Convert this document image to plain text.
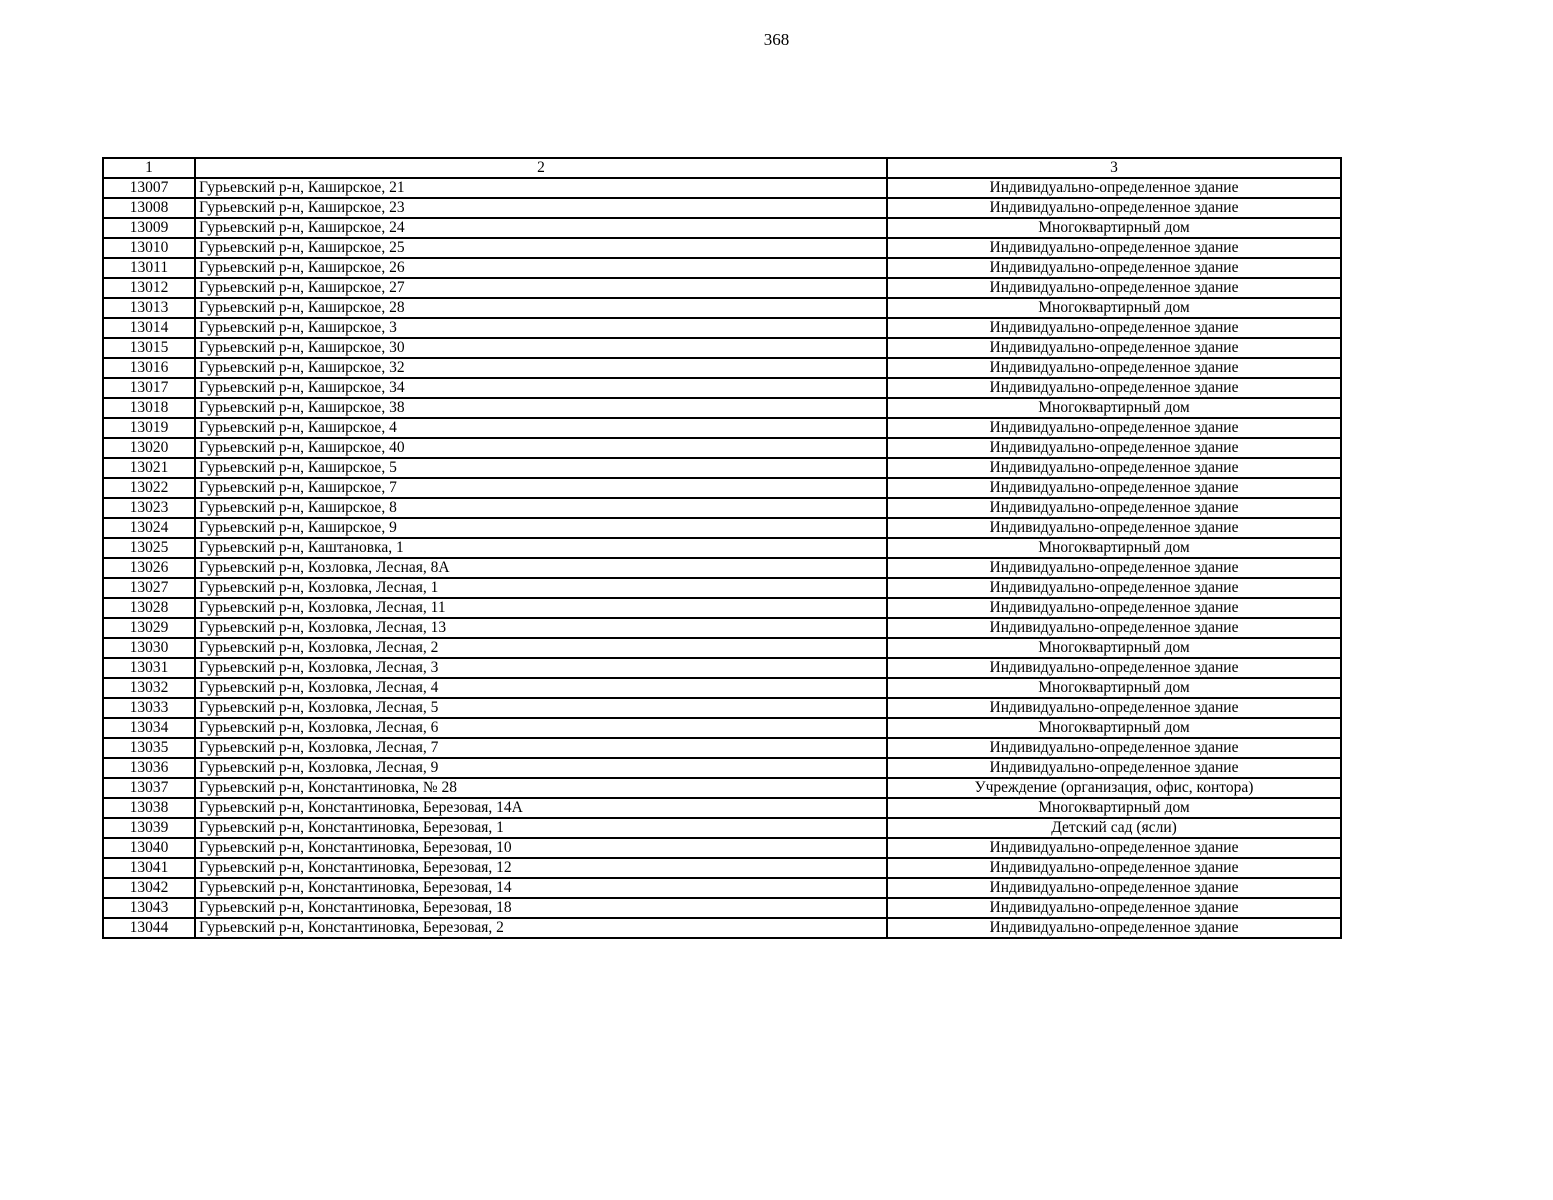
368
1	2	3
13007	Гурьевский р-н, Каширское, 21	Индивидуально-определенное здание
13008	Гурьевский р-н, Каширское, 23	Индивидуально-определенное здание
13009	Гурьевский р-н, Каширское, 24	Многоквартирный дом
13010	Гурьевский р-н, Каширское, 25	Индивидуально-определенное здание
13011	Гурьевский р-н, Каширское, 26	Индивидуально-определенное здание
13012	Гурьевский р-н, Каширское, 27	Индивидуально-определенное здание
13013	Гурьевский р-н, Каширское, 28	Многоквартирный дом
13014	Гурьевский р-н, Каширское, 3	Индивидуально-определенное здание
13015	Гурьевский р-н, Каширское, 30	Индивидуально-определенное здание
13016	Гурьевский р-н, Каширское, 32	Индивидуально-определенное здание
13017	Гурьевский р-н, Каширское, 34	Индивидуально-определенное здание
13018	Гурьевский р-н, Каширское, 38	Многоквартирный дом
13019	Гурьевский р-н, Каширское, 4	Индивидуально-определенное здание
13020	Гурьевский р-н, Каширское, 40	Индивидуально-определенное здание
13021	Гурьевский р-н, Каширское, 5	Индивидуально-определенное здание
13022	Гурьевский р-н, Каширское, 7	Индивидуально-определенное здание
13023	Гурьевский р-н, Каширское, 8	Индивидуально-определенное здание
13024	Гурьевский р-н, Каширское, 9	Индивидуально-определенное здание
13025	Гурьевский р-н, Каштановка, 1	Многоквартирный дом
13026	Гурьевский р-н, Козловка, Лесная, 8А	Индивидуально-определенное здание
13027	Гурьевский р-н, Козловка, Лесная, 1	Индивидуально-определенное здание
13028	Гурьевский р-н, Козловка, Лесная, 11	Индивидуально-определенное здание
13029	Гурьевский р-н, Козловка, Лесная, 13	Индивидуально-определенное здание
13030	Гурьевский р-н, Козловка, Лесная, 2	Многоквартирный дом
13031	Гурьевский р-н, Козловка, Лесная, 3	Индивидуально-определенное здание
13032	Гурьевский р-н, Козловка, Лесная, 4	Многоквартирный дом
13033	Гурьевский р-н, Козловка, Лесная, 5	Индивидуально-определенное здание
13034	Гурьевский р-н, Козловка, Лесная, 6	Многоквартирный дом
13035	Гурьевский р-н, Козловка, Лесная, 7	Индивидуально-определенное здание
13036	Гурьевский р-н, Козловка, Лесная, 9	Индивидуально-определенное здание
13037	Гурьевский р-н, Константиновка, № 28	Учреждение (организация, офис, контора)
13038	Гурьевский р-н, Константиновка, Березовая, 14А	Многоквартирный дом
13039	Гурьевский р-н, Константиновка, Березовая, 1	Детский сад (ясли)
13040	Гурьевский р-н, Константиновка, Березовая, 10	Индивидуально-определенное здание
13041	Гурьевский р-н, Константиновка, Березовая, 12	Индивидуально-определенное здание
13042	Гурьевский р-н, Константиновка, Березовая, 14	Индивидуально-определенное здание
13043	Гурьевский р-н, Константиновка, Березовая, 18	Индивидуально-определенное здание
13044	Гурьевский р-н, Константиновка, Березовая, 2	Индивидуально-определенное здание
